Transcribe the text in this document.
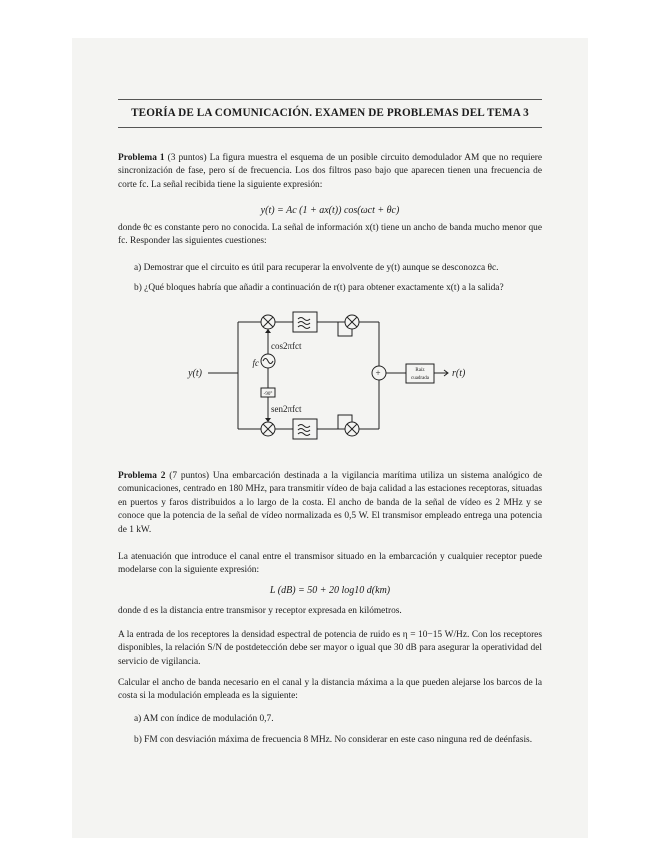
TEORÍA DE LA COMUNICACIÓN. EXAMEN DE PROBLEMAS DEL TEMA 3
Problema 1 (3 puntos) La figura muestra el esquema de un posible circuito demodulador AM que no requiere sincronización de fase, pero sí de frecuencia. Los dos filtros paso bajo que aparecen tienen una frecuencia de corte fc. La señal recibida tiene la siguiente expresión:
y(t) = Ac (1 + ax(t)) cos(ωct + θc)
donde θc es constante pero no conocida. La señal de información x(t) tiene un ancho de banda mucho menor que fc. Responder las siguientes cuestiones:
a) Demostrar que el circuito es útil para recuperar la envolvente de y(t) aunque se desconozca θc.
b) ¿Qué bloques habría que añadir a continuación de r(t) para obtener exactamente x(t) a la salida?
+
y(t)	r(t)
fc
cos2πfct
sen2πfct
-90°
Raíz
cuadrada
Problema 2 (7 puntos) Una embarcación destinada a la vigilancia marítima utiliza un sistema analógico de comunicaciones, centrado en 180 MHz, para transmitir vídeo de baja calidad a las estaciones receptoras, situadas en puertos y faros distribuidos a lo largo de la costa. El ancho de banda de la señal de vídeo es 2 MHz y se conoce que la potencia de la señal de vídeo normalizada es 0,5 W. El transmisor empleado entrega una potencia de 1 kW.
La atenuación que introduce el canal entre el transmisor situado en la embarcación y cualquier receptor puede modelarse con la siguiente expresión:
L (dB) = 50 + 20 log10 d(km)
donde d es la distancia entre transmisor y receptor expresada en kilómetros.
A la entrada de los receptores la densidad espectral de potencia de ruido es η = 10−15 W/Hz. Con los receptores disponibles, la relación S/N de postdetección debe ser mayor o igual que 30 dB para asegurar la operatividad del servicio de vigilancia.
Calcular el ancho de banda necesario en el canal y la distancia máxima a la que pueden alejarse los barcos de la costa si la modulación empleada es la siguiente:
a) AM con índice de modulación 0,7.
b) FM con desviación máxima de frecuencia 8 MHz. No considerar en este caso ninguna red de deénfasis.
